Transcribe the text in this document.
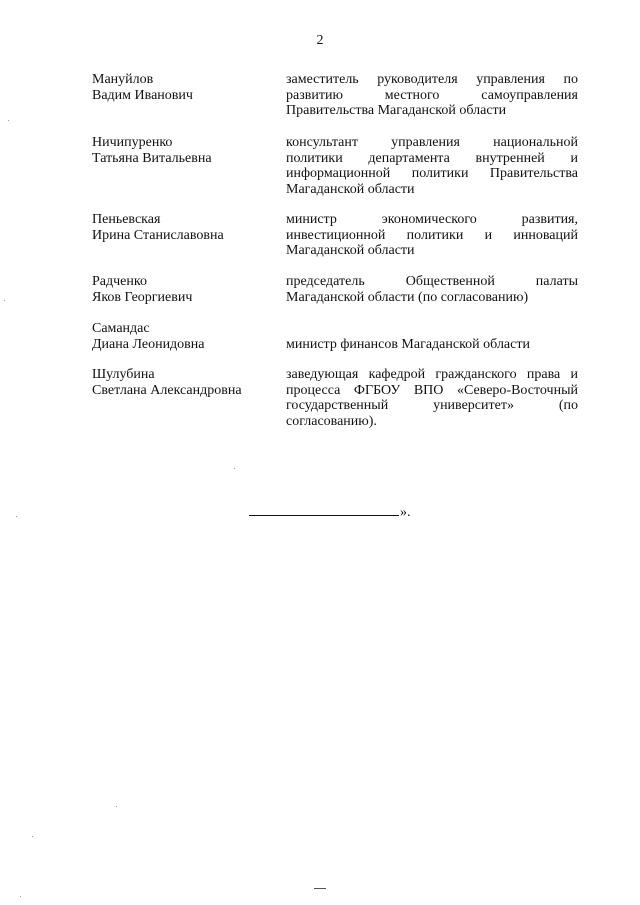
2
Мануйлов
Вадим Иванович
заместитель руководителя управления по развитию местного самоуправления Правительства Магаданской области
Ничипуренко
Татьяна Витальевна
консультант управления национальной политики департамента внутренней и информационной политики Правительства Магаданской области
Пеньевская
Ирина Станиславовна
министр экономического развития, инвестиционной политики и инноваций Магаданской области
Радченко
Яков Георгиевич
председатель Общественной палаты Магаданской области (по согласованию)
Самандас
Диана Леонидовна	министр финансов Магаданской области
Шулубина
Светлана Александровна
заведующая кафедрой гражданского права и процесса ФГБОУ ВПО «Северо-Восточный государственный университет» (по согласованию).
».
